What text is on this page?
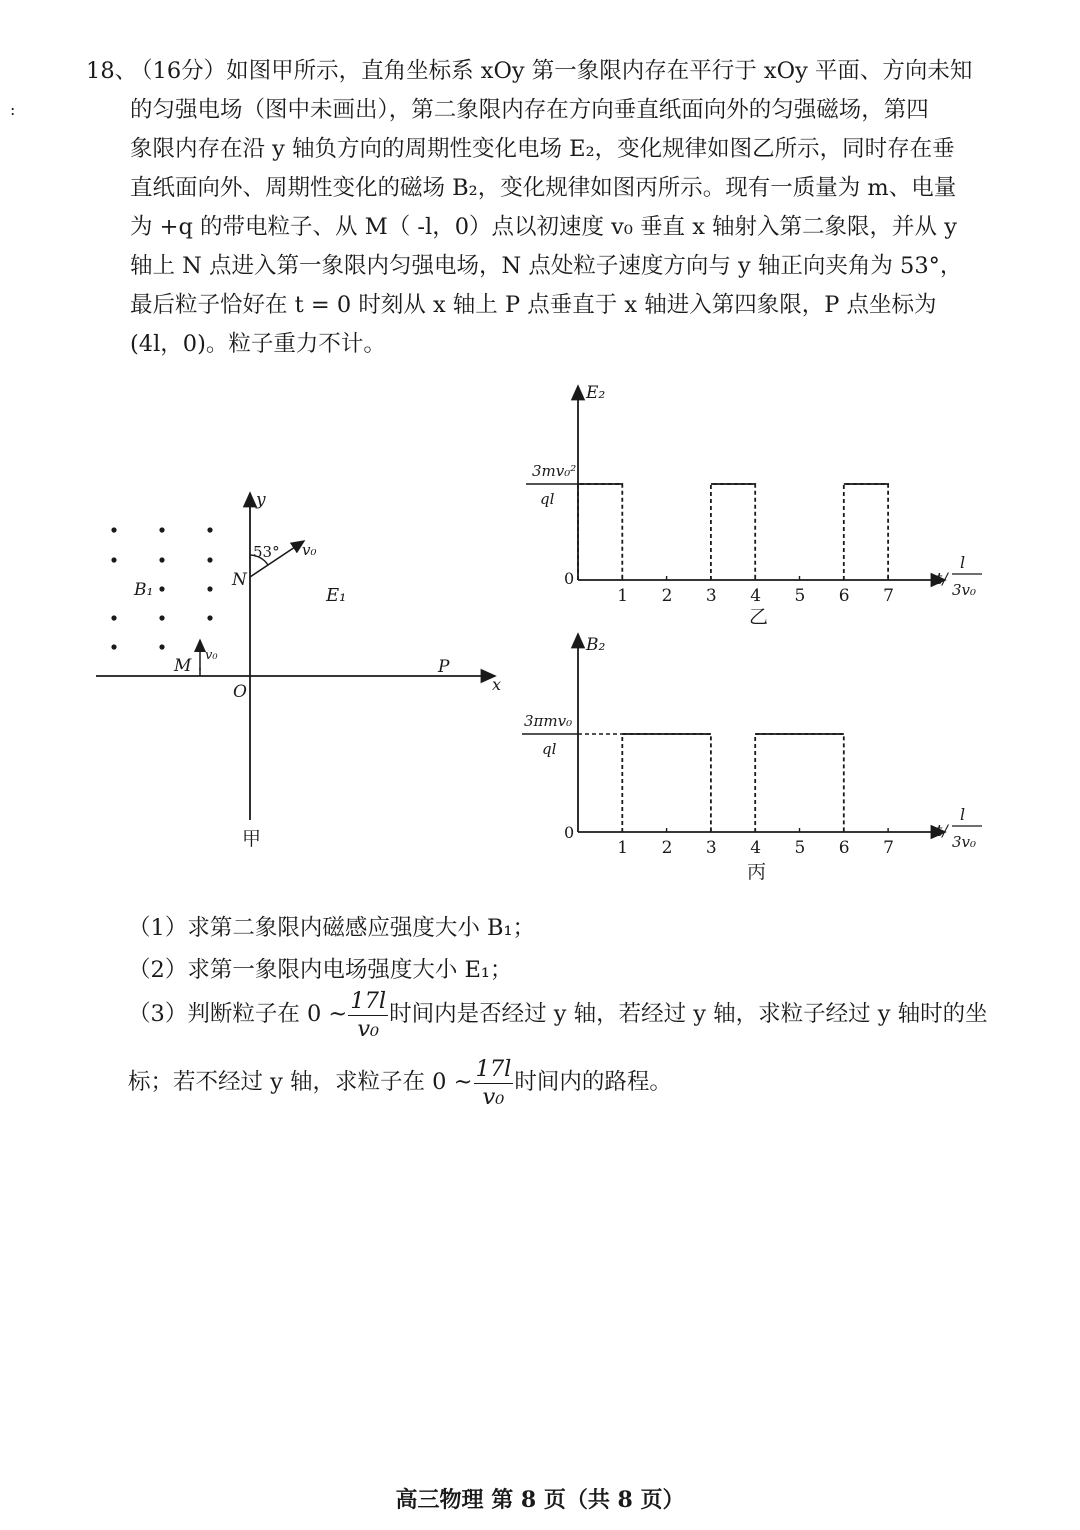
:
18、
（16分）如图甲所示，直角坐标系 xOy 第一象限内存在平行于 xOy 平面、方向未知
的匀强电场（图中未画出），第二象限内存在方向垂直纸面向外的匀强磁场，第四
象限内存在沿 y 轴负方向的周期性变化电场 E₂，变化规律如图乙所示，同时存在垂
直纸面向外、周期性变化的磁场 B₂，变化规律如图丙所示。现有一质量为 m、电量
为 +q 的带电粒子、从 M（ -l，0）点以初速度 v₀ 垂直 x 轴射入第二象限，并从 y
轴上 N 点进入第一象限内匀强电场，N 点处粒子速度方向与 y 轴正向夹角为 53°，
最后粒子恰好在 t = 0 时刻从 x 轴上 P 点垂直于 x 轴进入第四象限，P 点坐标为
(4l，0)。粒子重力不计。
y
x
O
B₁	E₁
M
v₀
N
53° v₀
P
甲
E₂
3mv₀²
ql
0
1 2 3 4 5 6 7
t/
l
3v₀
乙
B₂
3πmv₀
ql
0
1 2 3 4 5 6 7
t/
l
3v₀
丙
（1）求第二象限内磁感应强度大小 B₁；
（2）求第一象限内电场强度大小 E₁；
（3）判断粒子在 0 ~ $\frac{17l}{\text{v₀}}$ 时间内是否经过 y 轴，若经过 y 轴，求粒子经过 y 轴时的坐
标；若不经过 y 轴，求粒子在 0 ~ $\frac{17l}{\text{v₀}}$ 时间内的路程。
高三物理 第 8 页（共 8 页）
